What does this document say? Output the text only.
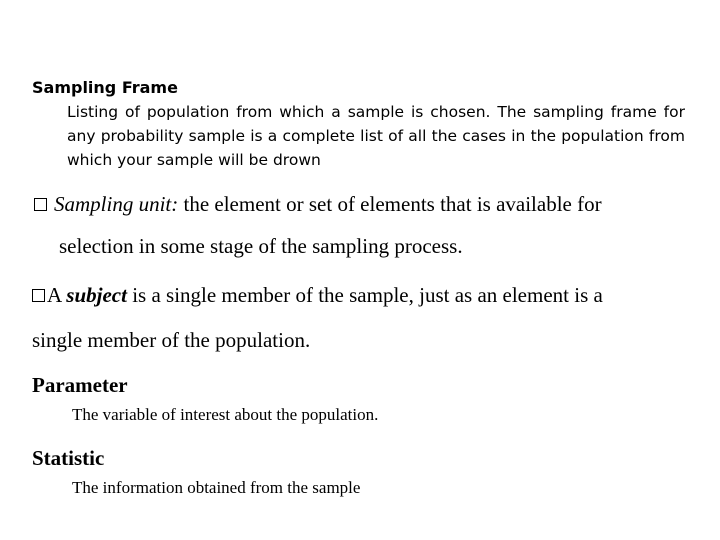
Sampling Frame
Listing of population from which a sample is chosen. The sampling frame for any probability sample is a complete list of all the cases in the population from which your sample will be drown
Sampling unit: the element or set of elements that is available for
selection in some stage of the sampling process.
A subject is a single member of the sample, just as an element is a
single member of the population.
Parameter
The variable of interest about the population.
Statistic
The information obtained from the sample
